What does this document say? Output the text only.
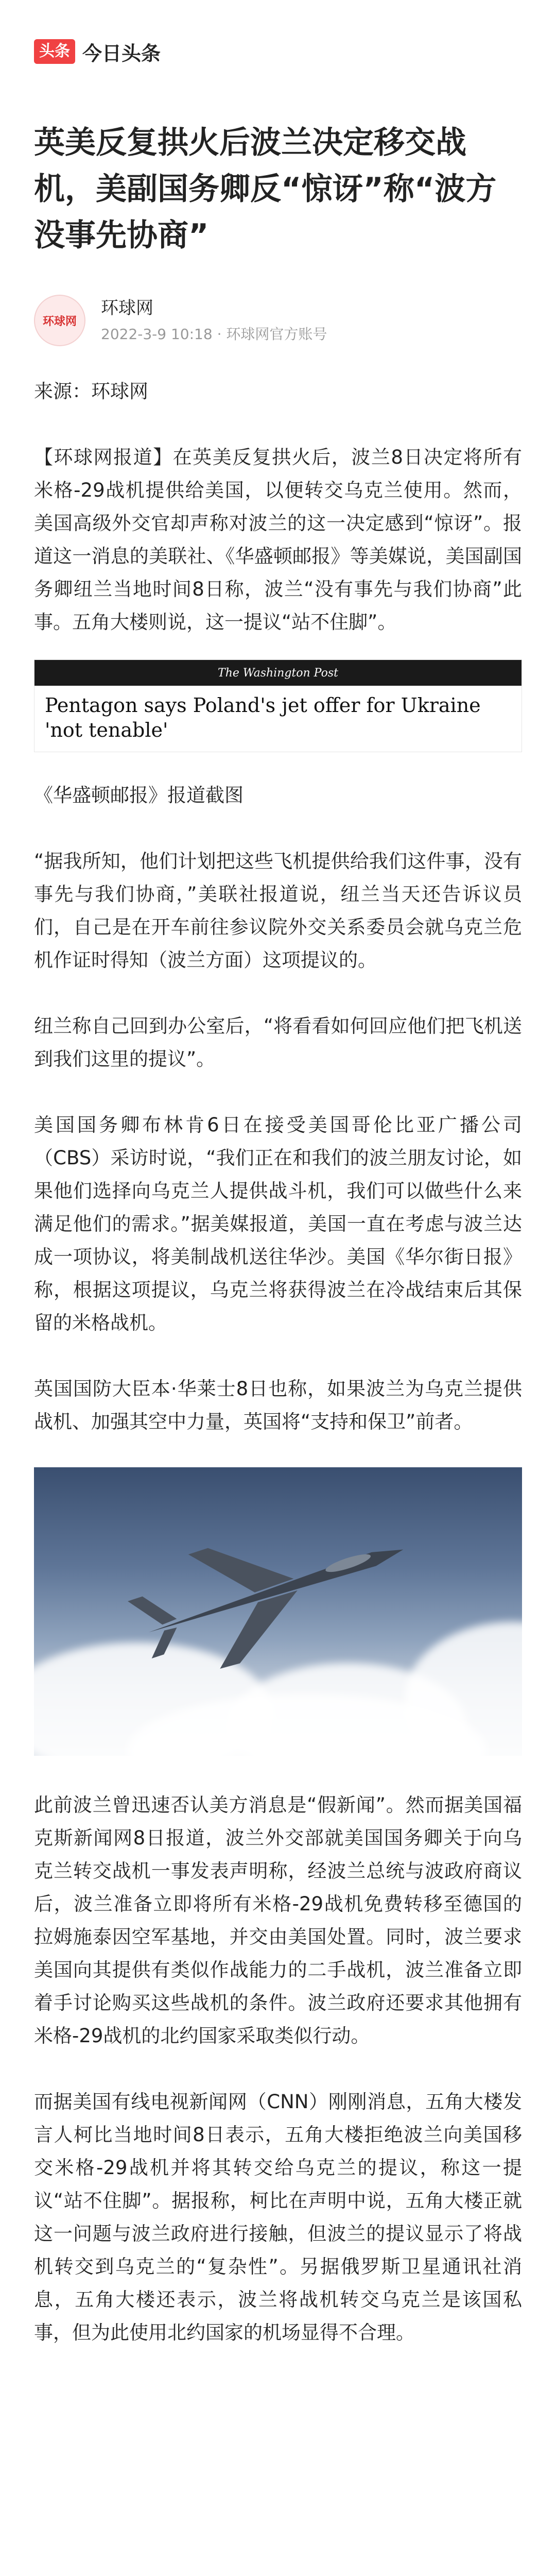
头条 今日头条
英美反复拱火后波兰决定移交战机，美副国务卿反“惊讶”称“波方没事先协商”
环球网
环球网
2022-3-9 10:18 · 环球网官方账号
来源：环球网
【环球网报道】在英美反复拱火后，波兰8日决定将所有米格-29战机提供给美国，以便转交乌克兰使用。然而，美国高级外交官却声称对波兰的这一决定感到“惊讶”。报道这一消息的美联社、《华盛顿邮报》等美媒说，美国副国务卿纽兰当地时间8日称，波兰“没有事先与我们协商”此事。五角大楼则说，这一提议“站不住脚”。
The Washington Post
Pentagon says Poland's jet offer for Ukraine 'not tenable'
《华盛顿邮报》报道截图
“据我所知，他们计划把这些飞机提供给我们这件事，没有事先与我们协商，”美联社报道说，纽兰当天还告诉议员们，自己是在开车前往参议院外交关系委员会就乌克兰危机作证时得知（波兰方面）这项提议的。
纽兰称自己回到办公室后，“将看看如何回应他们把飞机送到我们这里的提议”。
美国国务卿布林肯6日在接受美国哥伦比亚广播公司（CBS）采访时说，“我们正在和我们的波兰朋友讨论，如果他们选择向乌克兰人提供战斗机，我们可以做些什么来满足他们的需求。”据美媒报道，美国一直在考虑与波兰达成一项协议，将美制战机送往华沙。美国《华尔街日报》称，根据这项提议，乌克兰将获得波兰在冷战结束后其保留的米格战机。
英国国防大臣本·华莱士8日也称，如果波兰为乌克兰提供战机、加强其空中力量，英国将“支持和保卫”前者。
此前波兰曾迅速否认美方消息是“假新闻”。然而据美国福克斯新闻网8日报道，波兰外交部就美国国务卿关于向乌克兰转交战机一事发表声明称，经波兰总统与波政府商议后，波兰准备立即将所有米格-29战机免费转移至德国的拉姆施泰因空军基地，并交由美国处置。同时，波兰要求美国向其提供有类似作战能力的二手战机，波兰准备立即着手讨论购买这些战机的条件。波兰政府还要求其他拥有米格-29战机的北约国家采取类似行动。
而据美国有线电视新闻网（CNN）刚刚消息，五角大楼发言人柯比当地时间8日表示，五角大楼拒绝波兰向美国移交米格-29战机并将其转交给乌克兰的提议，称这一提议“站不住脚”。据报称，柯比在声明中说，五角大楼正就这一问题与波兰政府进行接触，但波兰的提议显示了将战机转交到乌克兰的“复杂性”。另据俄罗斯卫星通讯社消息，五角大楼还表示，波兰将战机转交乌克兰是该国私事，但为此使用北约国家的机场显得不合理。
